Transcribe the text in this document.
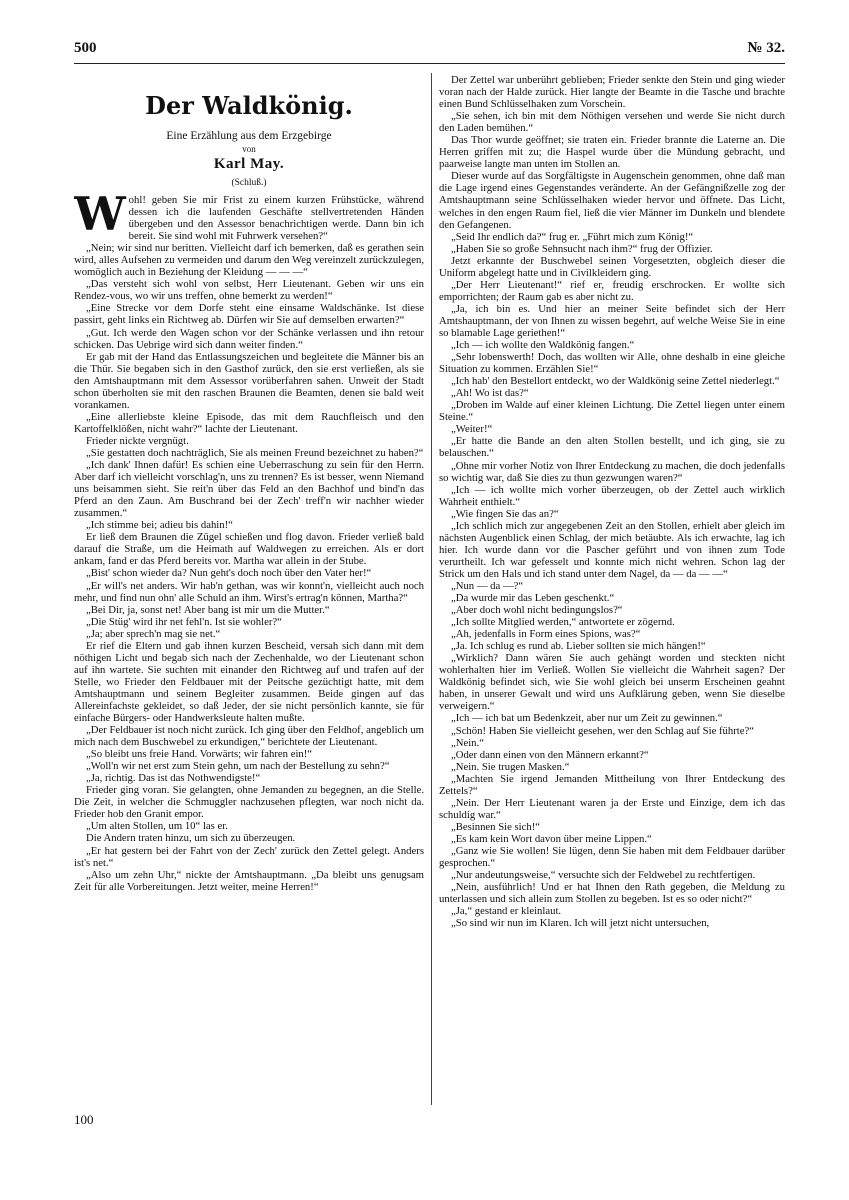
500	№ 32.
Der Waldkönig.
Eine Erzählung aus dem Erzgebirge
von
Karl May.
(Schluß.)

Wohl! geben Sie mir Frist zu einem kurzen Frühstücke, während dessen ich die laufenden Geschäfte stellvertretenden Händen übergeben und den Assessor benachrichtigen werde. Dann bin ich bereit. Sie sind wohl mit Fuhrwerk versehen?“

„Nein; wir sind nur beritten. Vielleicht darf ich bemerken, daß es gerathen sein wird, alles Aufsehen zu vermeiden und darum den Weg vereinzelt zurückzulegen, womöglich auch in Beziehung der Kleidung — — —“

„Das versteht sich wohl von selbst, Herr Lieutenant. Geben wir uns ein Rendez-vous, wo wir uns treffen, ohne bemerkt zu werden!“

„Eine Strecke vor dem Dorfe steht eine einsame Waldschänke. Ist diese passirt, geht links ein Richtweg ab. Dürfen wir Sie auf demselben erwarten?“

„Gut. Ich werde den Wagen schon vor der Schänke verlassen und ihn retour schicken. Das Uebrige wird sich dann weiter finden.“

Er gab mit der Hand das Entlassungszeichen und begleitete die Männer bis an die Thür. Sie begaben sich in den Gasthof zurück, den sie erst verließen, als sie den Amtshauptmann mit dem Assessor vorüberfahren sahen. Unweit der Stadt schon überholten sie mit den raschen Braunen die Beamten, denen sie bald weit vorankamen.

„Eine allerliebste kleine Episode, das mit dem Rauchfleisch und den Kartoffelklößen, nicht wahr?“ lachte der Lieutenant.

Frieder nickte vergnügt.

„Sie gestatten doch nachträglich, Sie als meinen Freund bezeichnet zu haben?“

„Ich dank' Ihnen dafür! Es schien eine Ueberraschung zu sein für den Herrn. Aber darf ich vielleicht vorschlag'n, uns zu trennen? Es ist besser, wenn Niemand uns beisammen sieht. Sie reit'n über das Feld an den Bachhof und bind'n das Pferd an den Zaun. Am Buschrand bei der Zech' treff'n wir nachher wieder zusammen.“

„Ich stimme bei; adieu bis dahin!“

Er ließ dem Braunen die Zügel schießen und flog davon. Frieder verließ bald darauf die Straße, um die Heimath auf Waldwegen zu erreichen. Als er dort ankam, fand er das Pferd bereits vor. Martha war allein in der Stube.

„Bist' schon wieder da? Nun geht's doch noch über den Vater her!“

„Er will's net anders. Wir hab'n gethan, was wir konnt'n, vielleicht auch noch mehr, und find nun ohn' alle Schuld an ihm. Wirst's ertrag'n können, Martha?“

„Bei Dir, ja, sonst net! Aber bang ist mir um die Mutter.“

„Die Stüg' wird ihr net fehl'n. Ist sie wohler?“

„Ja; aber sprech'n mag sie net.“

Er rief die Eltern und gab ihnen kurzen Bescheid, versah sich dann mit dem nöthigen Licht und begab sich nach der Zechenhalde, wo der Lieutenant schon auf ihn wartete. Sie suchten mit einander den Richtweg auf und trafen auf der Stelle, wo Frieder den Feldbauer mit der Peitsche gezüchtigt hatte, mit dem Amtshauptmann und seinem Begleiter zusammen. Beide gingen auf das Allereinfachste gekleidet, so daß Jeder, der sie nicht persönlich kannte, sie für einfache Bürgers- oder Handwerksleute halten mußte.

„Der Feldbauer ist noch nicht zurück. Ich ging über den Feldhof, angeblich um mich nach dem Buschwebel zu erkundigen,“ berichtete der Lieutenant.

„So bleibt uns freie Hand. Vorwärts; wir fahren ein!“

„Woll'n wir net erst zum Stein gehn, um nach der Bestellung zu sehn?“

„Ja, richtig. Das ist das Nothwendigste!“

Frieder ging voran. Sie gelangten, ohne Jemanden zu begegnen, an die Stelle. Die Zeit, in welcher die Schmuggler nachzusehen pflegten, war noch nicht da. Frieder hob den Granit empor.

„Um alten Stollen, um 10“ las er.

Die Andern traten hinzu, um sich zu überzeugen.

„Er hat gestern bei der Fahrt von der Zech' zurück den Zettel gelegt. Anders ist's net.“

„Also um zehn Uhr,“ nickte der Amtshauptmann. „Da bleibt uns genugsam Zeit für alle Vorbereitungen. Jetzt weiter, meine Herren!“

Der Zettel war unberührt geblieben; Frieder senkte den Stein und ging wieder voran nach der Halde zurück. Hier langte der Beamte in die Tasche und brachte einen Bund Schlüsselhaken zum Vorschein.

„Sie sehen, ich bin mit dem Nöthigen versehen und werde Sie nicht durch den Laden bemühen.“

Das Thor wurde geöffnet; sie traten ein. Frieder brannte die Laterne an. Die Herren griffen mit zu; die Haspel wurde über die Mündung gebracht, und paarweise langte man unten im Stollen an.

Dieser wurde auf das Sorgfältigste in Augenschein genommen, ohne daß man die Lage irgend eines Gegenstandes veränderte. An der Gefängnißzelle zog der Amtshauptmann seine Schlüsselhaken wieder hervor und öffnete. Das Licht, welches in den engen Raum fiel, ließ die vier Männer im Dunkeln und blendete den Gefangenen.

„Seid Ihr endlich da?“ frug er. „Führt mich zum König!“

„Haben Sie so große Sehnsucht nach ihm?“ frug der Offizier.

Jetzt erkannte der Buschwebel seinen Vorgesetzten, obgleich dieser die Uniform abgelegt hatte und in Civilkleidern ging.

„Der Herr Lieutenant!“ rief er, freudig erschrocken. Er wollte sich emporrichten; der Raum gab es aber nicht zu.

„Ja, ich bin es. Und hier an meiner Seite befindet sich der Herr Amtshauptmann, der von Ihnen zu wissen begehrt, auf welche Weise Sie in eine so blamable Lage geriethen!“

„Ich — ich wollte den Waldkönig fangen.“

„Sehr lobenswerth! Doch, das wollten wir Alle, ohne deshalb in eine gleiche Situation zu kommen. Erzählen Sie!“

„Ich hab' den Bestellort entdeckt, wo der Waldkönig seine Zettel niederlegt.“

„Ah! Wo ist das?“

„Droben im Walde auf einer kleinen Lichtung. Die Zettel liegen unter einem Steine.“

„Weiter!“

„Er hatte die Bande an den alten Stollen bestellt, und ich ging, sie zu belauschen.“

„Ohne mir vorher Notiz von Ihrer Entdeckung zu machen, die doch jedenfalls so wichtig war, daß Sie dies zu thun gezwungen waren?“

„Ich — ich wollte mich vorher überzeugen, ob der Zettel auch wirklich Wahrheit enthielt.“

„Wie fingen Sie das an?“

„Ich schlich mich zur angegebenen Zeit an den Stollen, erhielt aber gleich im nächsten Augenblick einen Schlag, der mich betäubte. Als ich erwachte, lag ich hier. Ich wurde dann vor die Pascher geführt und von ihnen zum Tode verurtheilt. Ich war gefesselt und konnte mich nicht wehren. Schon lag der Strick um den Hals und ich stand unter dem Nagel, da — da — —“

„Nun — da —?“

„Da wurde mir das Leben geschenkt.“

„Aber doch wohl nicht bedingungslos?“

„Ich sollte Mitglied werden,“ antwortete er zögernd.

„Ah, jedenfalls in Form eines Spions, was?“

„Ja. Ich schlug es rund ab. Lieber sollten sie mich hängen!“

„Wirklich? Dann wären Sie auch gehängt worden und steckten nicht wohlerhalten hier im Verließ. Wollen Sie vielleicht die Wahrheit sagen? Der Waldkönig befindet sich, wie Sie wohl gleich bei unserm Erscheinen geahnt haben, in unserer Gewalt und wird uns Aufklärung geben, wenn Sie dieselbe verweigern.“

„Ich — ich bat um Bedenkzeit, aber nur um Zeit zu gewinnen.“

„Schön! Haben Sie vielleicht gesehen, wer den Schlag auf Sie führte?“

„Nein.“

„Oder dann einen von den Männern erkannt?“

„Nein. Sie trugen Masken.“

„Machten Sie irgend Jemanden Mittheilung von Ihrer Entdeckung des Zettels?“

„Nein. Der Herr Lieutenant waren ja der Erste und Einzige, dem ich das schuldig war.“

„Besinnen Sie sich!“

„Es kam kein Wort davon über meine Lippen.“

„Ganz wie Sie wollen! Sie lügen, denn Sie haben mit dem Feldbauer darüber gesprochen.“

„Nur andeutungsweise,“ versuchte sich der Feldwebel zu rechtfertigen.

„Nein, ausführlich! Und er hat Ihnen den Rath gegeben, die Meldung zu unterlassen und sich allein zum Stollen zu begeben. Ist es so oder nicht?“

„Ja,“ gestand er kleinlaut.

„So sind wir nun im Klaren. Ich will jetzt nicht untersuchen,

100
